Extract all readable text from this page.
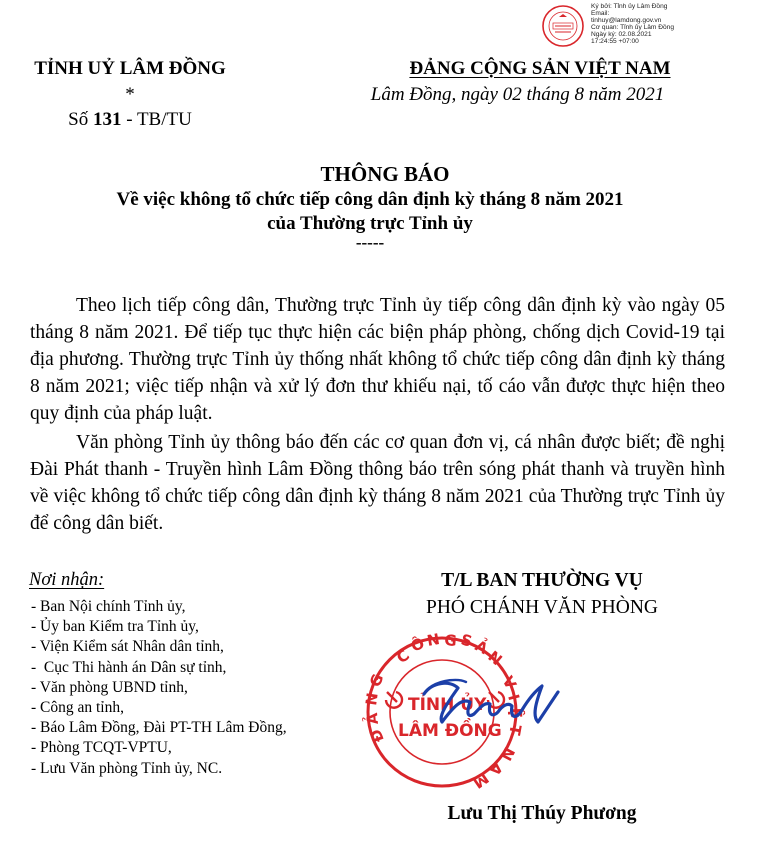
Ký bởi: Tỉnh ủy Lâm Đồng
Email:
tinhuy@lamdong.gov.vn
Cơ quan: Tỉnh ủy Lâm Đồng
Ngày ký: 02.08.2021
17:24:55 +07:00
TỈNH UỶ LÂM ĐỒNG
*
Số 131 - TB/TU
ĐẢNG CỘNG SẢN VIỆT NAM
Lâm Đồng, ngày 02 tháng 8 năm 2021
THÔNG BÁO
Về việc không tổ chức tiếp công dân định kỳ tháng 8 năm 2021
của Thường trực Tỉnh ủy
-----

Theo lịch tiếp công dân, Thường trực Tỉnh ủy tiếp công dân định kỳ vào ngày 05 tháng 8 năm 2021. Để tiếp tục thực hiện các biện pháp phòng, chống dịch Covid-19 tại địa phương. Thường trực Tỉnh ủy thống nhất không tổ chức tiếp công dân định kỳ tháng 8 năm 2021; việc tiếp nhận và xử lý đơn thư khiếu nại, tố cáo vẫn được thực hiện theo quy định của pháp luật.

Văn phòng Tỉnh ủy thông báo đến các cơ quan đơn vị, cá nhân được biết; đề nghị Đài Phát thanh - Truyền hình Lâm Đồng thông báo trên sóng phát thanh và truyền hình về việc không tổ chức tiếp công dân định kỳ tháng 8 năm 2021 của Thường trực Tỉnh ủy để công dân biết.

Nơi nhận:
- Ban Nội chính Tỉnh ủy,
- Ủy ban Kiểm tra Tỉnh ủy,
- Viện Kiểm sát Nhân dân tỉnh,
-  Cục Thi hành án Dân sự tỉnh,
- Văn phòng UBND tỉnh,
- Công an tỉnh,
- Báo Lâm Đồng, Đài PT-TH Lâm Đồng,
- Phòng TCQT-VPTU,
- Lưu Văn phòng Tỉnh ủy, NC.
T/L BAN THƯỜNG VỤ
PHÓ CHÁNH VĂN PHÒNG
C
Ô
N G S
Ả
N
V
I
Ệ
T
N
A
M
Đ
Ả
N
G
TỈNH ỦY
LÂM ĐỒNG
Lưu Thị Thúy Phương
